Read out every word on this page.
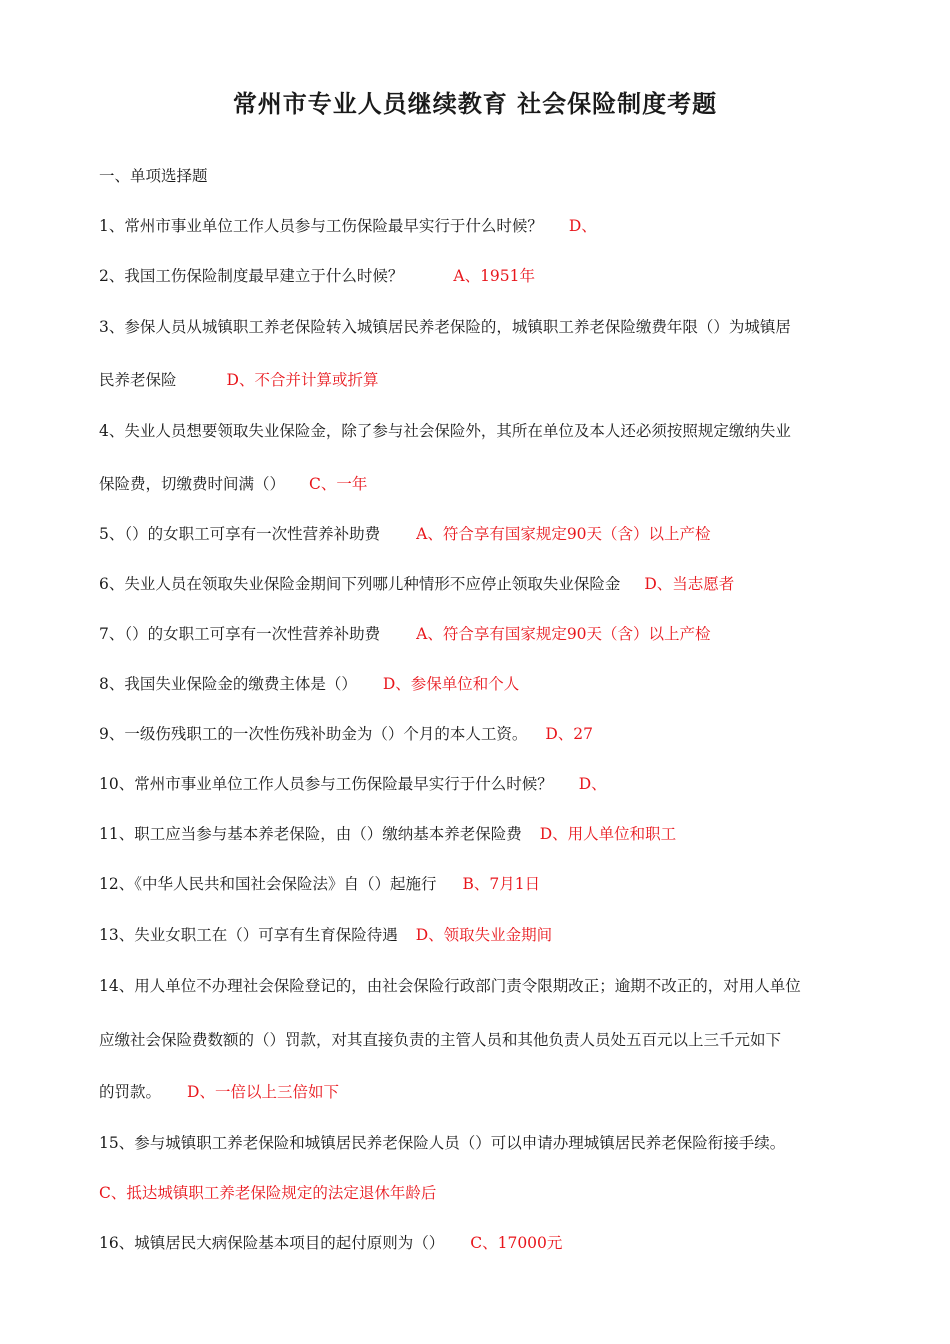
常州市专业人员继续教育 社会保险制度考题
一、单项选择题
1、常州市事业单位工作人员参与工伤保险最早实行于什么时候？ D、
2、我国工伤保险制度最早建立于什么时候？	A、1951年
3、参保人员从城镇职工养老保险转入城镇居民养老保险的，城镇职工养老保险缴费年限（）为城镇居
民养老保险	D、不合并计算或折算
4、失业人员想要领取失业保险金，除了参与社会保险外，其所在单位及本人还必须按照规定缴纳失业
保险费，切缴费时间满（） C、一年
5、（）的女职工可享有一次性营养补助费 A、符合享有国家规定90天（含）以上产检
6、失业人员在领取失业保险金期间下列哪儿种情形不应停止领取失业保险金 D、当志愿者
7、（）的女职工可享有一次性营养补助费 A、符合享有国家规定90天（含）以上产检
8、我国失业保险金的缴费主体是（） D、参保单位和个人
9、一级伤残职工的一次性伤残补助金为（）个月的本人工资。 D、27
10、常州市事业单位工作人员参与工伤保险最早实行于什么时候？ D、
11、职工应当参与基本养老保险，由（）缴纳基本养老保险费 D、用人单位和职工
12、《中华人民共和国社会保险法》自（）起施行 B、7月1日
13、失业女职工在（）可享有生育保险待遇 D、领取失业金期间
14、用人单位不办理社会保险登记的，由社会保险行政部门责令限期改正；逾期不改正的，对用人单位
应缴社会保险费数额的（）罚款，对其直接负责的主管人员和其他负责人员处五百元以上三千元如下
的罚款。 D、一倍以上三倍如下
15、参与城镇职工养老保险和城镇居民养老保险人员（）可以申请办理城镇居民养老保险衔接手续。
C、抵达城镇职工养老保险规定的法定退休年龄后
16、城镇居民大病保险基本项目的起付原则为（） C、17000元
